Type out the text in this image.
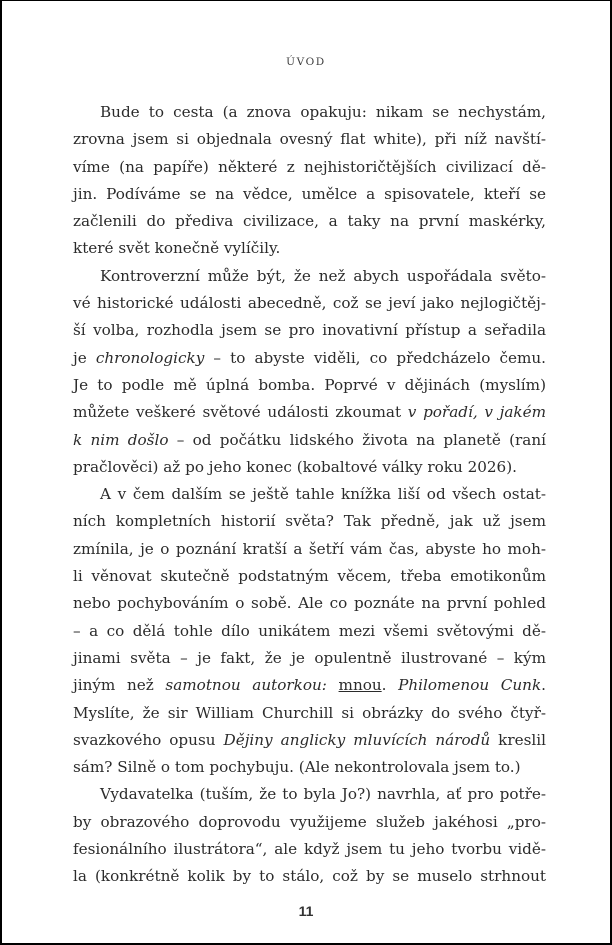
ÚVOD
Bude to cesta (a znova opakuju: nikam se nechystám,
zrovna jsem si objednala ovesný flat white), při níž navští-
víme (na papíře) některé z nejhistoričtějších civilizací dě-
jin. Podíváme se na vědce, umělce a spisovatele, kteří se
začlenili do přediva civilizace, a taky na první maskérky,
které svět konečně vylíčily.
Kontroverzní může být, že než abych uspořádala světo-
vé historické události abecedně, což se jeví jako nejlogičtěj-
ší volba, rozhodla jsem se pro inovativní přístup a seřadila
je chronologicky – to abyste viděli, co předcházelo čemu.
Je to podle mě úplná bomba. Poprvé v dějinách (myslím)
můžete veškeré světové události zkoumat v pořadí, v jakém
k nim došlo – od počátku lidského života na planetě (raní
pračlověci) až po jeho konec (kobaltové války roku 2026).
A v čem dalším se ještě tahle knížka liší od všech ostat-
ních kompletních historií světa? Tak předně, jak už jsem
zmínila, je o poznání kratší a šetří vám čas, abyste ho moh-
li věnovat skutečně podstatným věcem, třeba emotikonům
nebo pochybováním o sobě. Ale co poznáte na první pohled
– a co dělá tohle dílo unikátem mezi všemi světovými dě-
jinami světa – je fakt, že je opulentně ilustrované – kým
jiným než samotnou autorkou: mnou. Philomenou Cunk.
Myslíte, že sir William Churchill si obrázky do svého čtyř-
svazkového opusu Dějiny anglicky mluvících národů kreslil
sám? Silně o tom pochybuju. (Ale nekontrolovala jsem to.)
Vydavatelka (tuším, že to byla Jo?) navrhla, ať pro potře-
by obrazového doprovodu využijeme služeb jakéhosi „pro-
fesionálního ilustrátora“, ale když jsem tu jeho tvorbu vidě-
la (konkrétně kolik by to stálo, což by se muselo strhnout
11
